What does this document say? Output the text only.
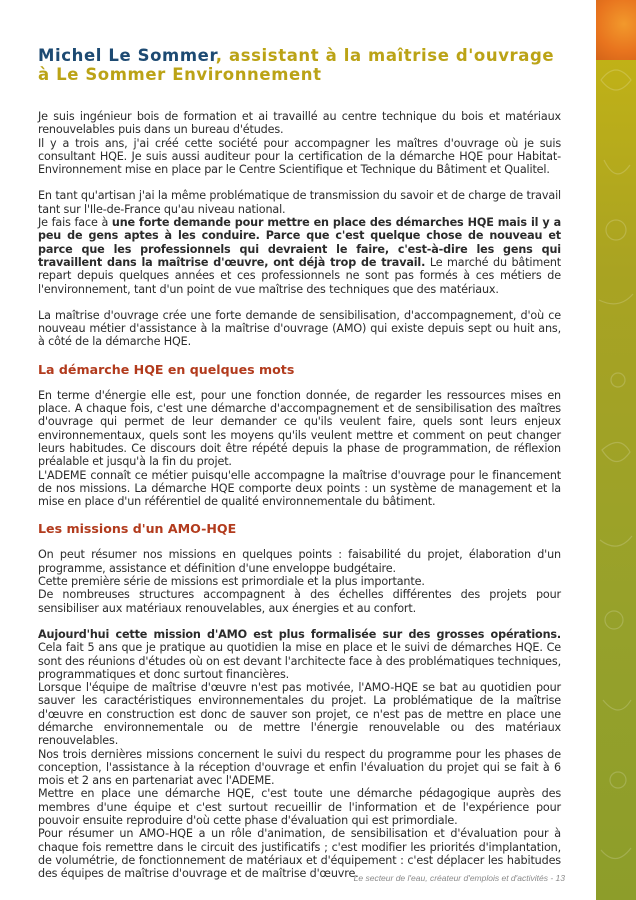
Michel Le Sommer, assistant à la maîtrise d'ouvrage à Le Sommer Environnement

Je suis ingénieur bois de formation et ai travaillé au centre technique du bois et matériaux renouvelables puis dans un bureau d'études.

Il y a trois ans, j'ai créé cette société pour accompagner les maîtres d'ouvrage où je suis consultant HQE. Je suis aussi auditeur pour la certification de la démarche HQE pour Habitat-Environnement mise en place par le Centre Scientifique et Technique du Bâtiment et Qualitel.

En tant qu'artisan j'ai la même problématique de transmission du savoir et de charge de travail tant sur l'Ile-de-France qu'au niveau national.

Je fais face à une forte demande pour mettre en place des démarches HQE mais il y a peu de gens aptes à les conduire. Parce que c'est quelque chose de nouveau et parce que les professionnels qui devraient le faire, c'est-à-dire les gens qui travaillent dans la maîtrise d'œuvre, ont déjà trop de travail. Le marché du bâtiment repart depuis quelques années et ces professionnels ne sont pas formés à ces métiers de l'environnement, tant d'un point de vue maîtrise des techniques que des matériaux.

La maîtrise d'ouvrage crée une forte demande de sensibilisation, d'accompagnement, d'où ce nouveau métier d'assistance à la maîtrise d'ouvrage (AMO) qui existe depuis sept ou huit ans, à côté de la démarche HQE.

La démarche HQE en quelques mots

En terme d'énergie elle est, pour une fonction donnée, de regarder les ressources mises en place. A chaque fois, c'est une démarche d'accompagnement et de sensibilisation des maîtres d'ouvrage qui permet de leur demander ce qu'ils veulent faire, quels sont leurs enjeux environnementaux, quels sont les moyens qu'ils veulent mettre et comment on peut changer leurs habitudes. Ce discours doit être répété depuis la phase de programmation, de réflexion préalable et jusqu'à la fin du projet.

L'ADEME connaît ce métier puisqu'elle accompagne la maîtrise d'ouvrage pour le financement de nos missions. La démarche HQE comporte deux points : un système de management et la mise en place d'un référentiel de qualité environnementale du bâtiment.

Les missions d'un AMO-HQE

On peut résumer nos missions en quelques points : faisabilité du projet, élaboration d'un programme, assistance et définition d'une enveloppe budgétaire.

Cette première série de missions est primordiale et la plus importante.

De nombreuses structures accompagnent à des échelles différentes des projets pour sensibiliser aux matériaux renouvelables, aux énergies et au confort.

Aujourd'hui cette mission d'AMO est plus formalisée sur des grosses opérations. Cela fait 5 ans que je pratique au quotidien la mise en place et le suivi de démarches HQE. Ce sont des réunions d'études où on est devant l'architecte face à des problématiques techniques, programmatiques et donc surtout financières.

Lorsque l'équipe de maîtrise d'œuvre n'est pas motivée, l'AMO-HQE se bat au quotidien pour sauver les caractéristiques environnementales du projet. La problématique de la maîtrise d'œuvre en construction est donc de sauver son projet, ce n'est pas de mettre en place une démarche environnementale ou de mettre l'énergie renouvelable ou des matériaux renouvelables.

Nos trois dernières missions concernent le suivi du respect du programme pour les phases de conception, l'assistance à la réception d'ouvrage et enfin l'évaluation du projet qui se fait à 6 mois et 2 ans en partenariat avec l'ADEME.

Mettre en place une démarche HQE, c'est toute une démarche pédagogique auprès des membres d'une équipe et c'est surtout recueillir de l'information et de l'expérience pour pouvoir ensuite reproduire d'où cette phase d'évaluation qui est primordiale.

Pour résumer un AMO-HQE a un rôle d'animation, de sensibilisation et d'évaluation pour à chaque fois remettre dans le circuit des justificatifs ; c'est modifier les priorités d'implantation, de volumétrie, de fonctionnement de matériaux et d'équipement : c'est déplacer les habitudes des équipes de maîtrise d'ouvrage et de maîtrise d'œuvre.

Le secteur de l'eau, créateur d'emplois et d'activités - 13
